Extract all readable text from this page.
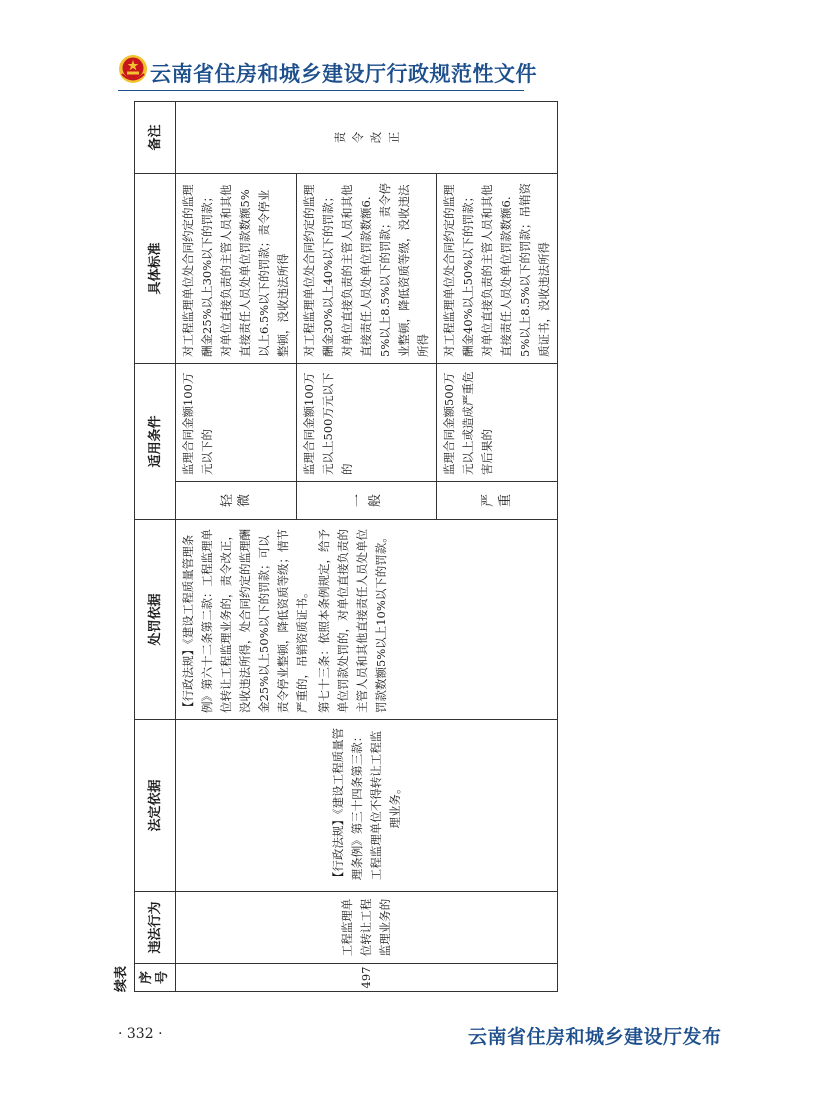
云南省住房和城乡建设厅行政规范性文件
续表 序号	违法行为	法定依据	处罚依据	适用条件		具体标准	备注
497	工程监理单位转让工程监理业务的	【行政法规】《建设工程质量管理条例》第三十四条第三款：工程监理单位不得转让工程监理业务。	【行政法规】《建设工程质量管理条例》第六十二条第二款：工程监理单位转让工程监理业务的，责令改正，没收违法所得，处合同约定的监理酬金25%以上50%以下的罚款；可以责令停业整顿，降低资质等级；情节严重的，吊销资质证书。 第七十三条：依照本条例规定，给予单位罚款处罚的，对单位直接负责的主管人员和其他直接责任人员处单位罚款数额5%以上10%以下的罚款。	轻微	监理合同金额100万元以下的	对工程监理单位处合同约定的监理酬金25%以上30%以下的罚款；对单位直接负责的主管人员和其他直接责任人员处单位罚款数额5%以上6.5%以下的罚款；责令停业整顿，没收违法所得	责令改正

				一般	监理合同金额100万元以上500万元以下的	对工程监理单位处合同约定的监理酬金30%以上40%以下的罚款；对单位直接负责的主管人员和其他直接责任人员处单位罚款数额6.5%以上8.5%以下的罚款；责令停业整顿，降低资质等级，没收违法所得	

				严重	监理合同金额500万元以上或造成严重危害后果的	对工程监理单位处合同约定的监理酬金40%以上50%以下的罚款；对单位直接负责的主管人员和其他直接责任人员处单位罚款数额6.5%以上8.5%以下的罚款；吊销资质证书，没收违法所得	
· 332 ·	云南省住房和城乡建设厅发布
